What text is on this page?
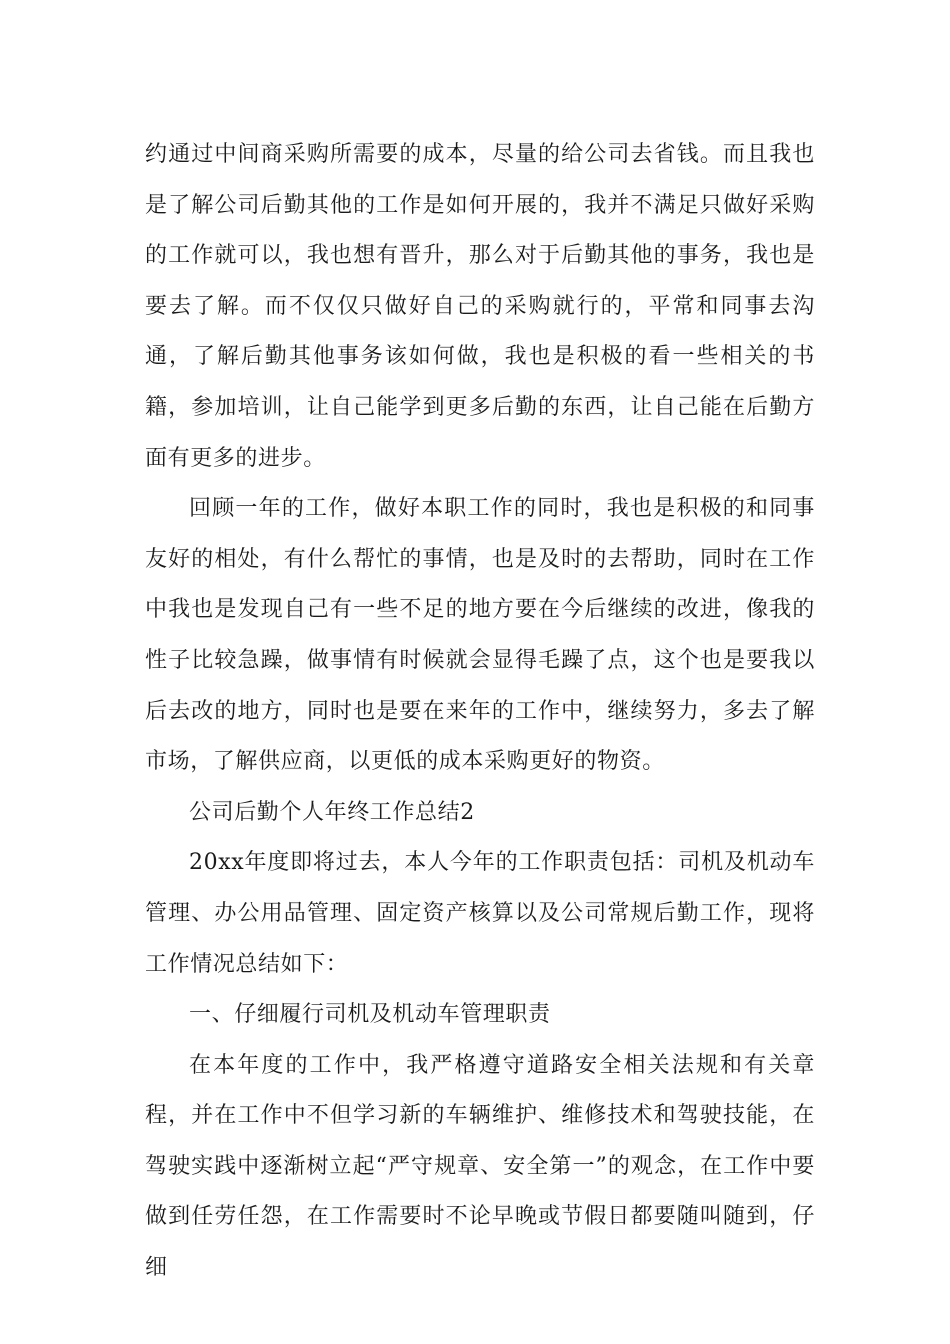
约通过中间商采购所需要的成本，尽量的给公司去省钱。而且我也是了解公司后勤其他的工作是如何开展的，我并不满足只做好采购的工作就可以，我也想有晋升，那么对于后勤其他的事务，我也是要去了解。而不仅仅只做好自己的采购就行的，平常和同事去沟通，了解后勤其他事务该如何做，我也是积极的看一些相关的书籍，参加培训，让自己能学到更多后勤的东西，让自己能在后勤方面有更多的进步。

回顾一年的工作，做好本职工作的同时，我也是积极的和同事友好的相处，有什么帮忙的事情，也是及时的去帮助，同时在工作中我也是发现自己有一些不足的地方要在今后继续的改进，像我的性子比较急躁，做事情有时候就会显得毛躁了点，这个也是要我以后去改的地方，同时也是要在来年的工作中，继续努力，多去了解市场，了解供应商，以更低的成本采购更好的物资。

公司后勤个人年终工作总结2

20xx年度即将过去，本人今年的工作职责包括：司机及机动车管理、办公用品管理、固定资产核算以及公司常规后勤工作，现将工作情况总结如下：

一、仔细履行司机及机动车管理职责

在本年度的工作中，我严格遵守道路安全相关法规和有关章程，并在工作中不但学习新的车辆维护、维修技术和驾驶技能，在驾驶实践中逐渐树立起“严守规章、安全第一”的观念，在工作中要做到任劳任怨，在工作需要时不论早晚或节假日都要随叫随到，仔细
